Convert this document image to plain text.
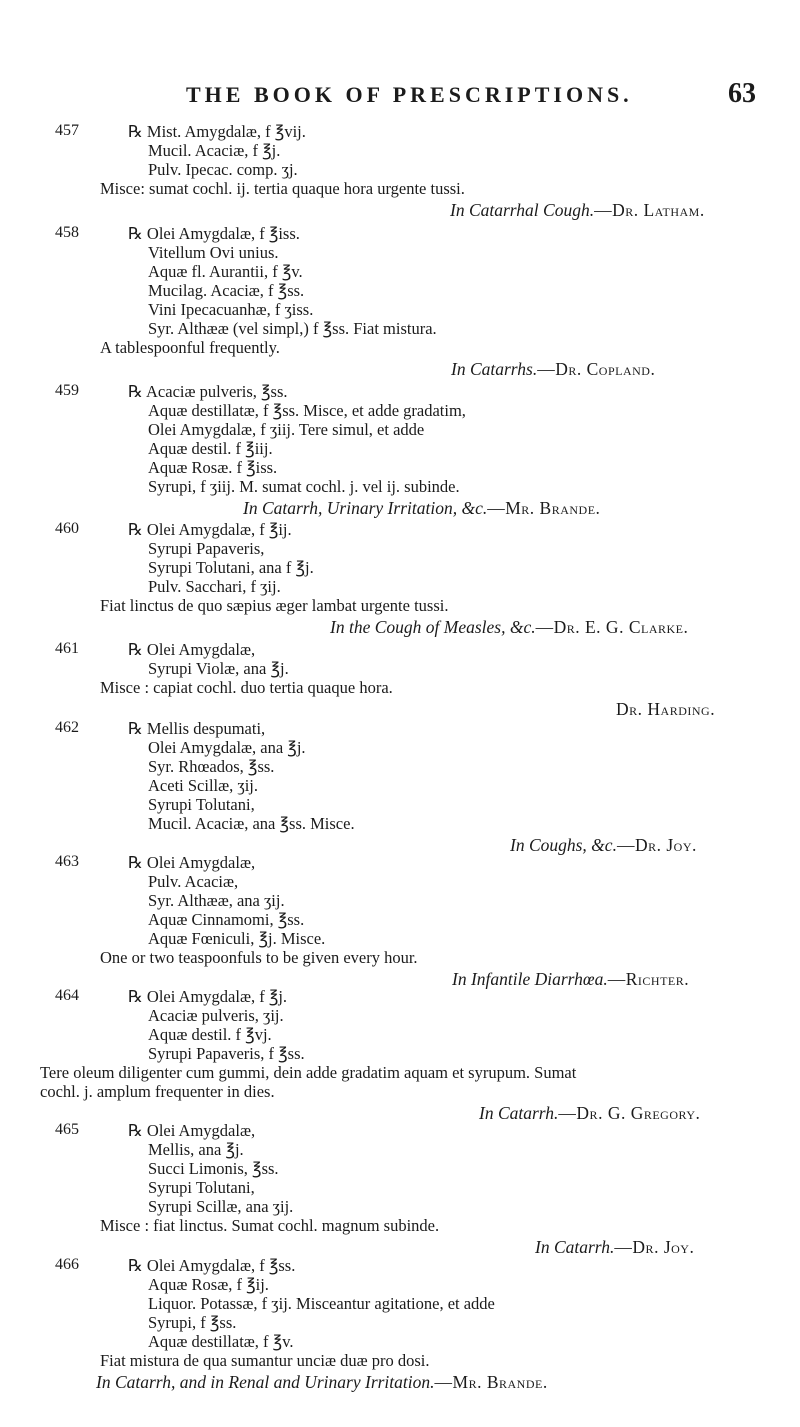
THE BOOK OF PRESCRIPTIONS.	63
457	℞ Mist. Amygdalæ, f ℥vij.
Mucil. Acaciæ, f ℥j.
Pulv. Ipecac. comp. ʒj.
Misce: sumat cochl. ij. tertia quaque hora urgente tussi.
In Catarrhal Cough.—Dr. Latham.
458	℞ Olei Amygdalæ, f ℥iss.
Vitellum Ovi unius.
Aquæ fl. Aurantii, f ℥v.
Mucilag. Acaciæ, f ℥ss.
Vini Ipecacuanhæ, f ʒiss.
Syr. Althææ (vel simpl,) f ℥ss. Fiat mistura.
A tablespoonful frequently.
In Catarrhs.—Dr. Copland.
459	℞ Acaciæ pulveris, ℥ss.
Aquæ destillatæ, f ℥ss. Misce, et adde gradatim,
Olei Amygdalæ, f ʒiij. Tere simul, et adde
Aquæ destil. f ℥iij.
Aquæ Rosæ. f ℥iss.
Syrupi, f ʒiij. M. sumat cochl. j. vel ij. subinde.
In Catarrh, Urinary Irritation, &c.—Mr. Brande.
460	℞ Olei Amygdalæ, f ℥ij.
Syrupi Papaveris,
Syrupi Tolutani, ana f ℥j.
Pulv. Sacchari, f ʒij.
Fiat linctus de quo sæpius æger lambat urgente tussi.
In the Cough of Measles, &c.—Dr. E. G. Clarke.
461	℞ Olei Amygdalæ,
Syrupi Violæ, ana ℥j.
Misce : capiat cochl. duo tertia quaque hora.
Dr. Harding.
462	℞ Mellis despumati,
Olei Amygdalæ, ana ℥j.
Syr. Rhœados, ℥ss.
Aceti Scillæ, ʒij.
Syrupi Tolutani,
Mucil. Acaciæ, ana ℥ss. Misce.
In Coughs, &c.—Dr. Joy.
463	℞ Olei Amygdalæ,
Pulv. Acaciæ,
Syr. Althææ, ana ʒij.
Aquæ Cinnamomi, ℥ss.
Aquæ Fœniculi, ℥j. Misce.
One or two teaspoonfuls to be given every hour.
In Infantile Diarrhœa.—Richter.
464	℞ Olei Amygdalæ, f ℥j.
Acaciæ pulveris, ʒij.
Aquæ destil. f ℥vj.
Syrupi Papaveris, f ℥ss.
Tere oleum diligenter cum gummi, dein adde gradatim aquam et syrupum. Sumat
cochl. j. amplum frequenter in dies.
In Catarrh.—Dr. G. Gregory.
465	℞ Olei Amygdalæ,
Mellis, ana ℥j.
Succi Limonis, ℥ss.
Syrupi Tolutani,
Syrupi Scillæ, ana ʒij.
Misce : fiat linctus. Sumat cochl. magnum subinde.
In Catarrh.—Dr. Joy.
466	℞ Olei Amygdalæ, f ℥ss.
Aquæ Rosæ, f ℥ij.
Liquor. Potassæ, f ʒij. Misceantur agitatione, et adde
Syrupi, f ℥ss.
Aquæ destillatæ, f ℥v.
Fiat mistura de qua sumantur unciæ duæ pro dosi.
In Catarrh, and in Renal and Urinary Irritation.—Mr. Brande.
